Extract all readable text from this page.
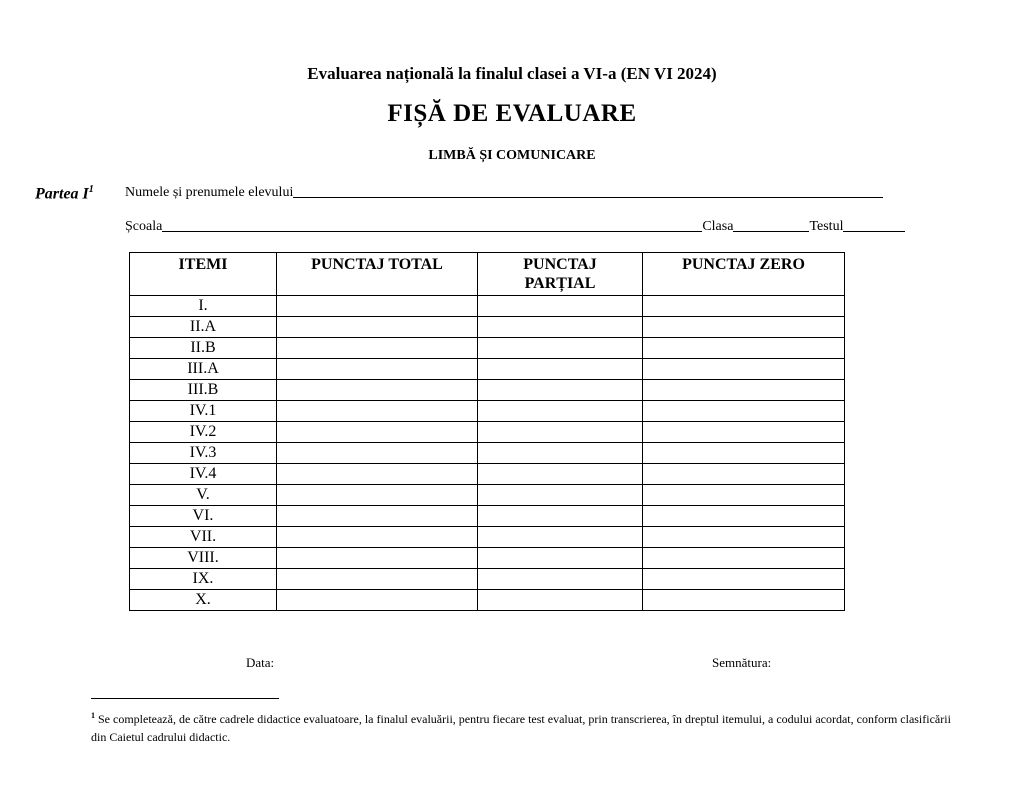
Evaluarea națională la finalul clasei a VI-a (EN VI 2024)
FIȘĂ DE EVALUARE
LIMBĂ ȘI COMUNICARE
Partea $I^1$ Numele și prenumele elevului
Școala	Clasa	Testul
ITEMI	PUNCTAJ TOTAL	PUNCTAJ PARȚIAL	PUNCTAJ ZERO
I.			
II.A			
II.B			
III.A			
III.B			
IV.1			
IV.2			
IV.3			
IV.4			
V.			
VI.			
VII.			
VIII.			
IX.			
X.			
Data:	Semnătura:
$^1$ Se completează, de către cadrele didactice evaluatoare, la finalul evaluării, pentru fiecare test evaluat, prin transcrierea, în dreptul itemului, a codului acordat, conform clasificării din Caietul cadrului didactic.
